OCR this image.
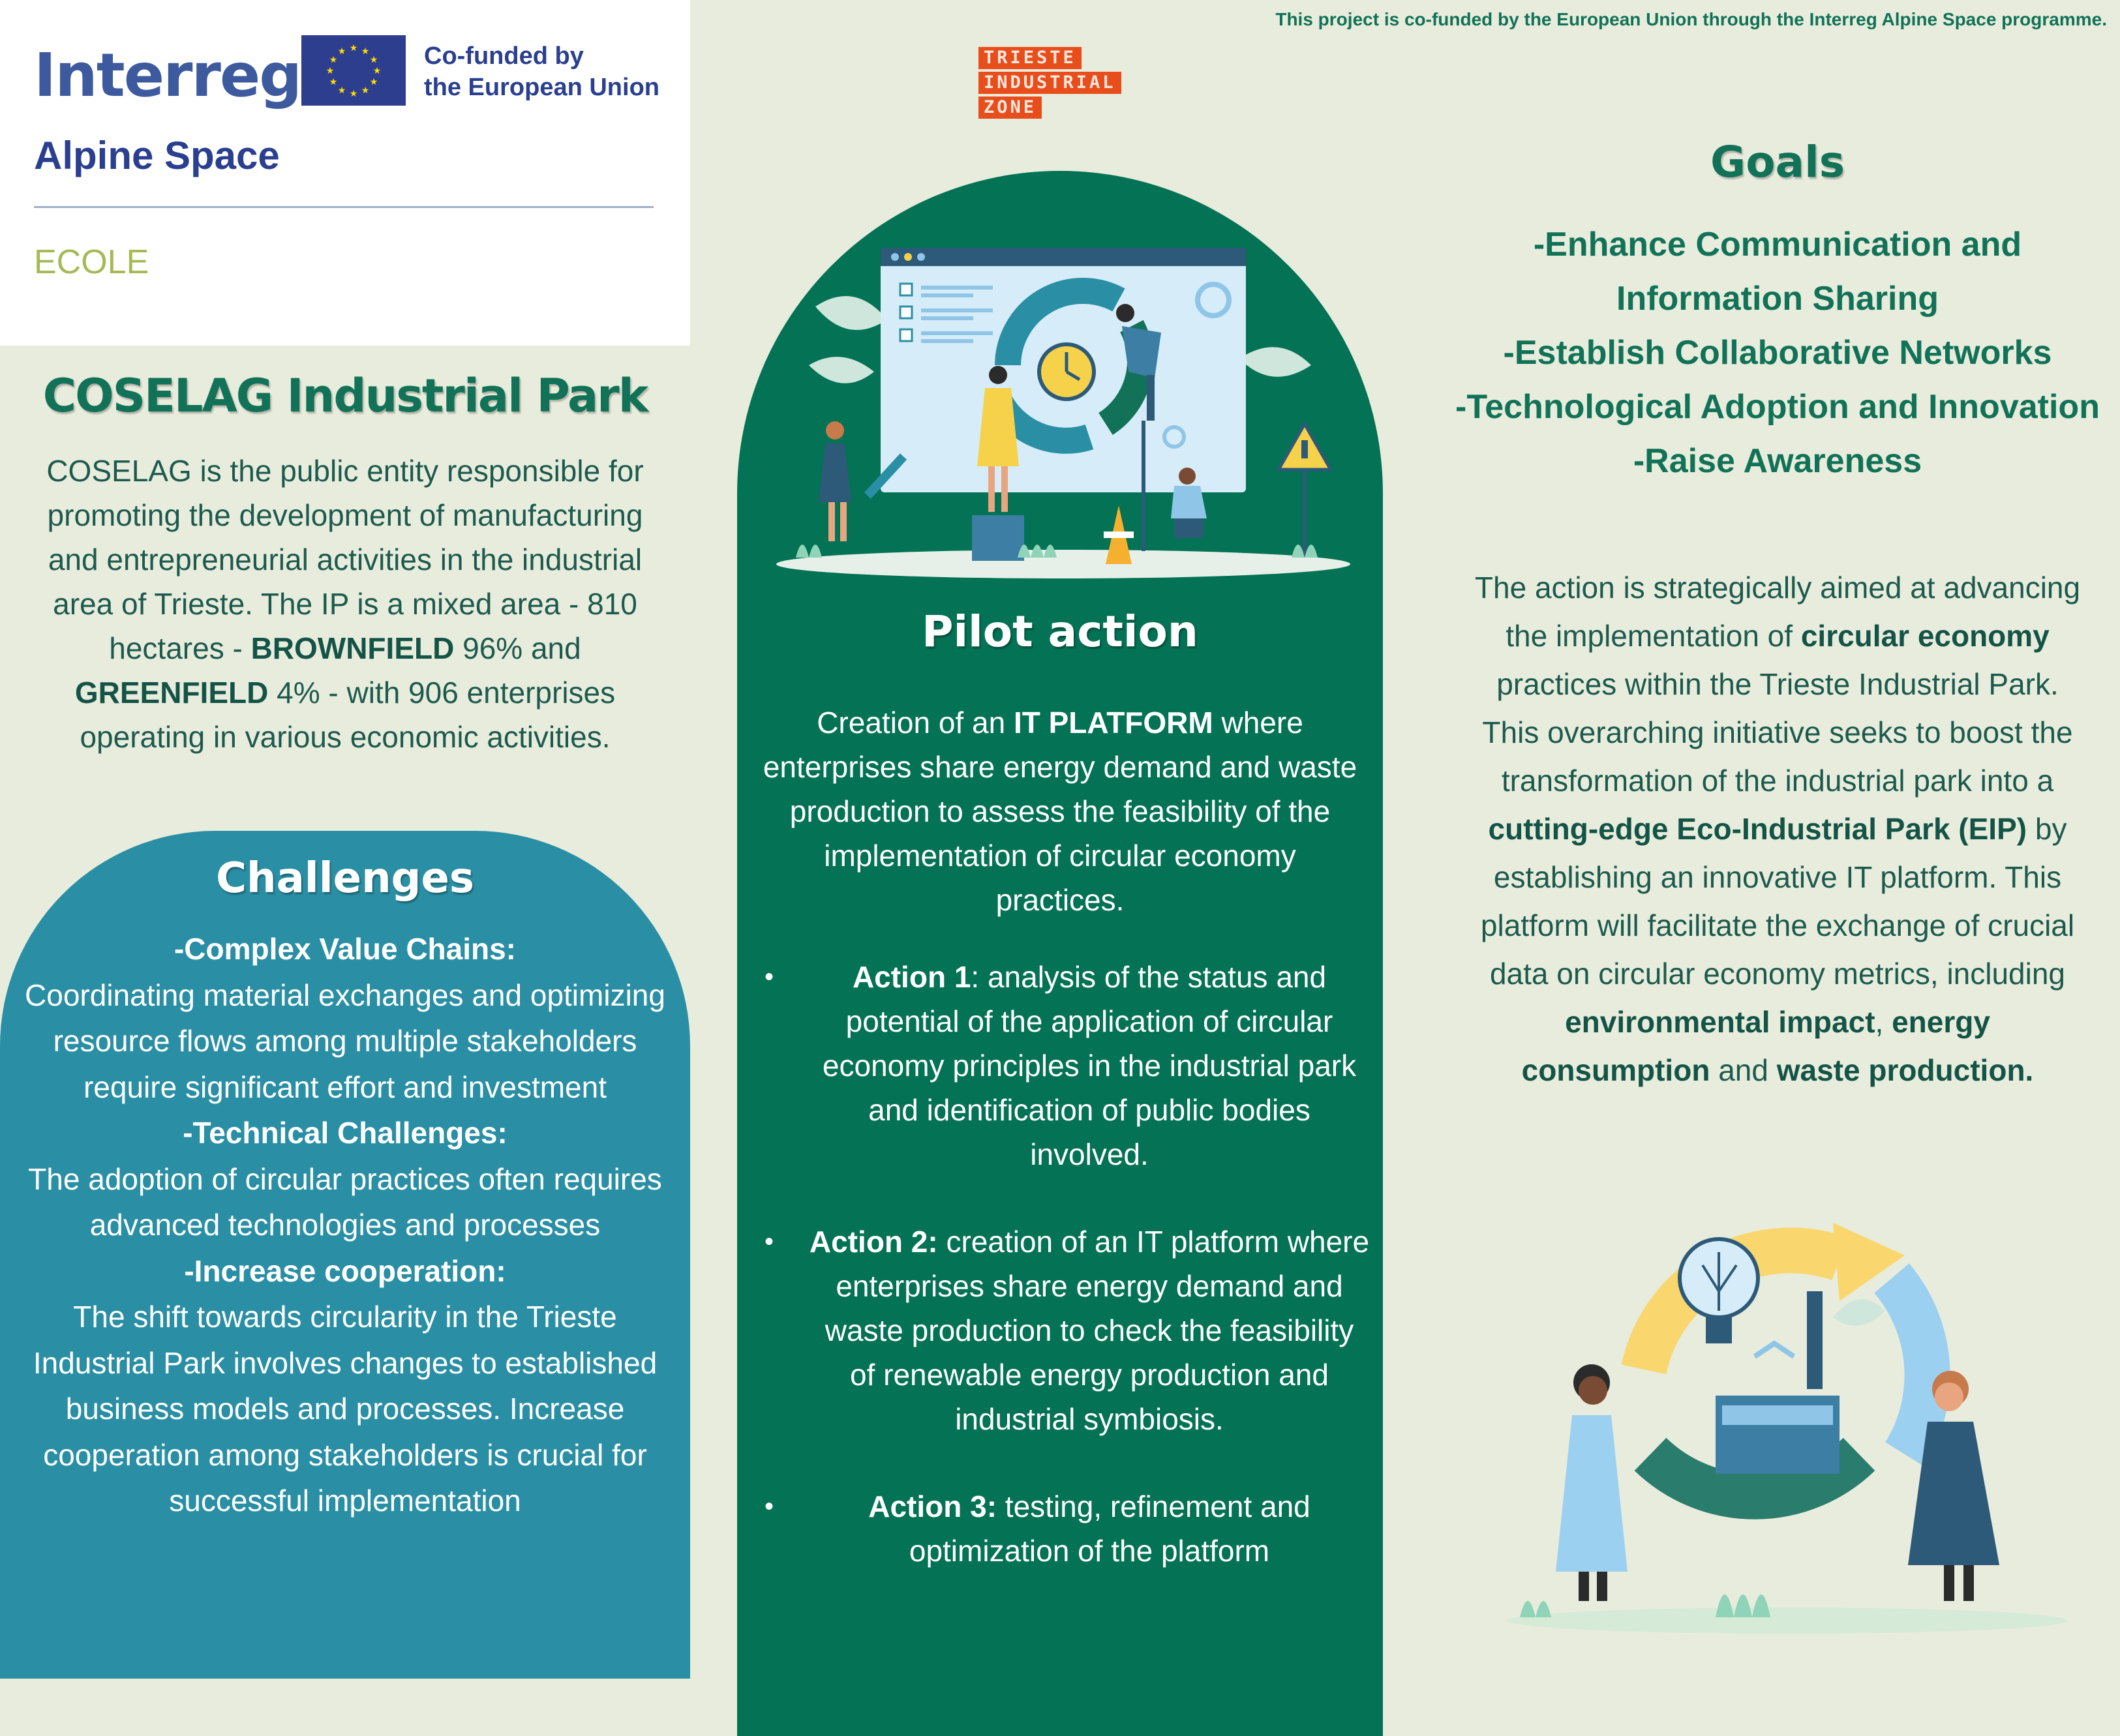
Interreg	★ ★
★
★
★
★
★
★
★
★
★
★	Co-funded by
the European Union
Alpine Space
ECOLE
This project is co-funded by the European Union through the Interreg Alpine Space programme.
TRIESTE
INDUSTRIAL
ZONE
COSELAG Industrial Park
COSELAG is the public entity responsible for promoting the development of manufacturing and entrepreneurial activities in the industrial area of Trieste. The IP is a mixed area - 810 hectares - BROWNFIELD 96% and GREENFIELD 4% - with 906 enterprises operating in various economic activities.
Challenges
-Complex Value Chains:
Coordinating material exchanges and optimizing resource flows among multiple stakeholders require significant effort and investment
-Technical Challenges:
The adoption of circular practices often requires advanced technologies and processes
-Increase cooperation:
The shift towards circularity in the Trieste Industrial Park involves changes to established business models and processes. Increase cooperation among stakeholders is crucial for successful implementation
Pilot action
Creation of an IT PLATFORM where enterprises share energy demand and waste production to assess the feasibility of the implementation of circular economy practices.
•	Action 1: analysis of the status and potential of the application of circular economy principles in the industrial park and identification of public bodies involved.
• Action 2: creation of an IT platform where enterprises share energy demand and waste production to check the feasibility of renewable energy production and industrial symbiosis.
•	Action 3: testing, refinement and optimization of the platform
Goals
-Enhance Communication and Information Sharing
-Establish Collaborative Networks
-Technological Adoption and Innovation
-Raise Awareness
The action is strategically aimed at advancing the implementation of circular economy practices within the Trieste Industrial Park. This overarching initiative seeks to boost the transformation of the industrial park into a cutting-edge Eco-Industrial Park (EIP) by establishing an innovative IT platform. This platform will facilitate the exchange of crucial data on circular economy metrics, including environmental impact, energy consumption and waste production.
